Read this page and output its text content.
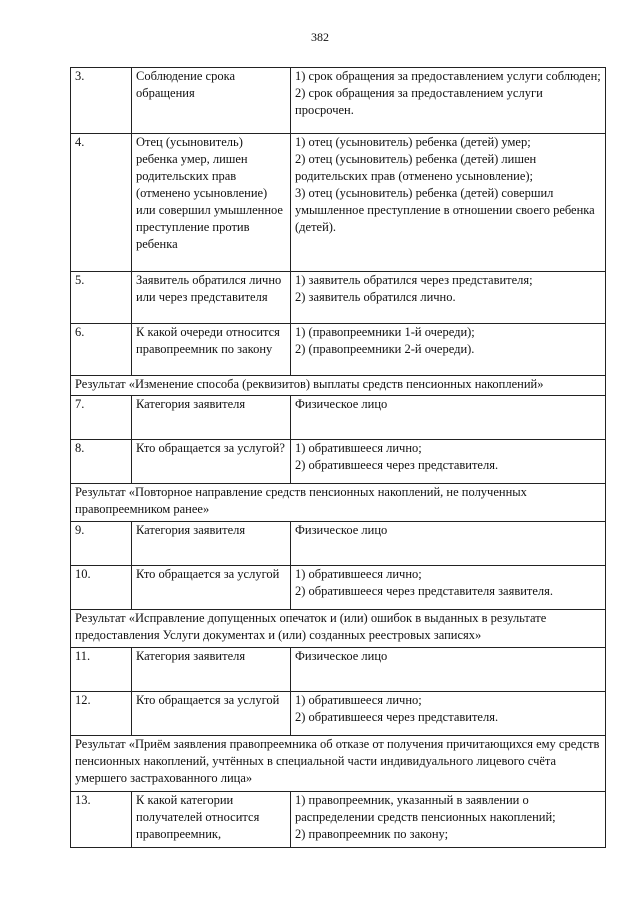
382
3.	Соблюдение срока обращения	1) срок обращения за предоставлением услуги соблюден;
2) срок обращения за предоставлением услуги просрочен.

4.	Отец (усыновитель) ребенка умер, лишен родительских прав (отменено усыновление) или совершил умышленное преступление против ребенка	1) отец (усыновитель) ребенка (детей) умер;
2) отец (усыновитель) ребенка (детей) лишен родительских прав (отменено усыновление);
3) отец (усыновитель) ребенка (детей) совершил умышленное преступление в отношении своего ребенка (детей).

5.	Заявитель обратился лично или через представителя	1) заявитель обратился через представителя;
2) заявитель обратился лично.

6.	К какой очереди относится правопреемник по закону	1) (правопреемники 1-й очереди);
2) (правопреемники 2-й очереди).

Результат «Изменение способа (реквизитов) выплаты средств пенсионных накоплений»		
7.	Категория заявителя	Физическое лицо
8.	Кто обращается за услугой?	1) обратившееся лично;
2) обратившееся через представителя.

Результат «Повторное направление средств пенсионных накоплений, не полученных правопреемником ранее»		
9.	Категория заявителя	Физическое лицо
10.	Кто обращается за услугой	1) обратившееся лично;
2) обратившееся через представителя заявителя.

Результат «Исправление допущенных опечаток и (или) ошибок в выданных в результате предоставления Услуги документах и (или) созданных реестровых записях»		
11.	Категория заявителя	Физическое лицо
12.	Кто обращается за услугой	1) обратившееся лично;
2) обратившееся через представителя.

Результат «Приём заявления правопреемника об отказе от получения причитающихся ему средств пенсионных накоплений, учтённых в специальной части индивидуального лицевого счёта умершего застрахованного лица»		
13.	К какой категории получателей относится правопреемник,	1) правопреемник, указанный в заявлении о распределении средств пенсионных накоплений;
2) правопреемник по закону;
